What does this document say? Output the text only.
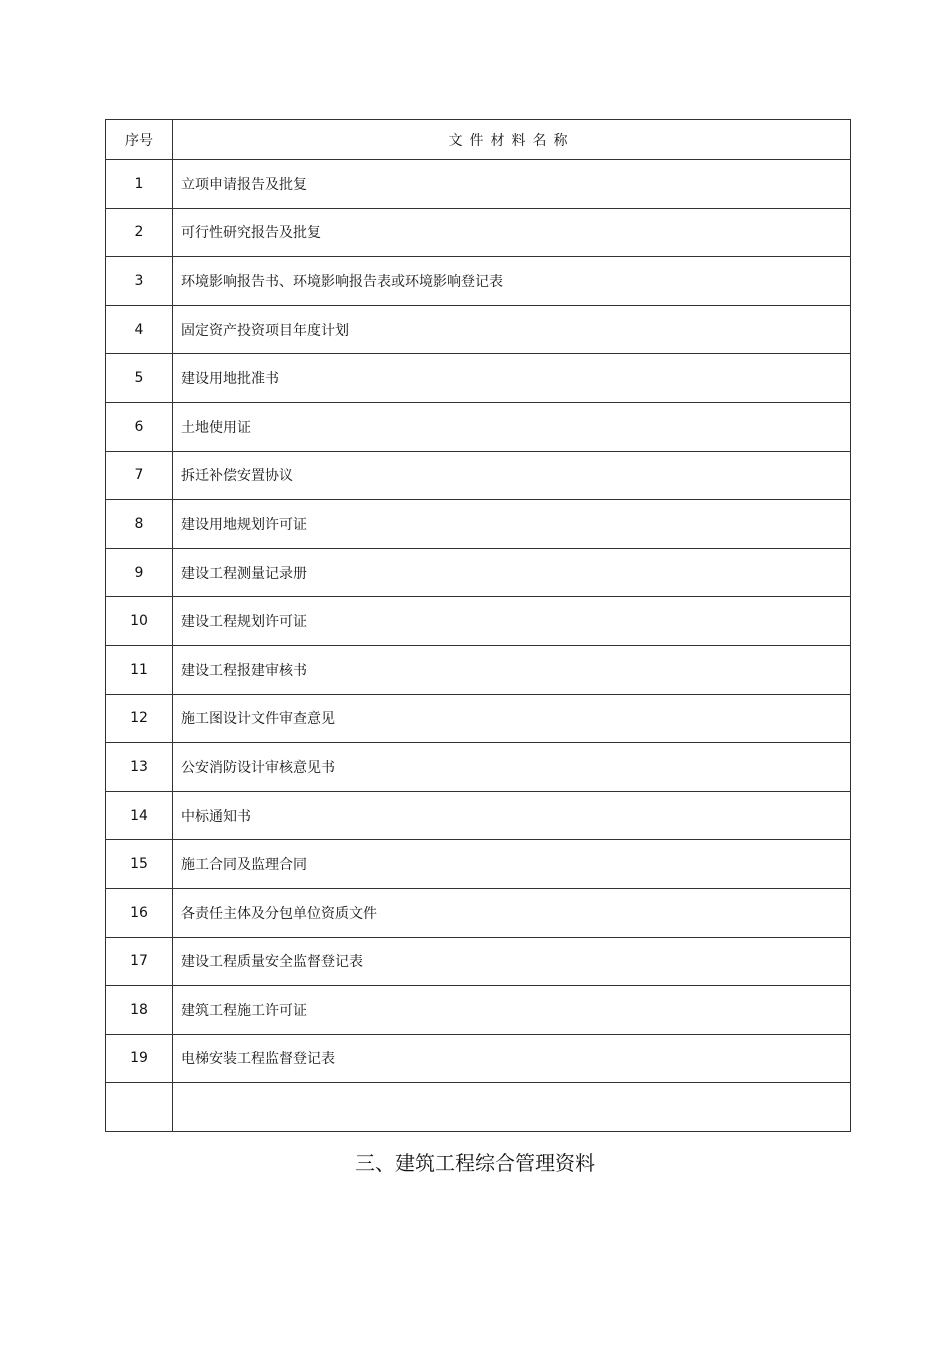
序号	文件材料名称
1	立项申请报告及批复
2	可行性研究报告及批复
3	环境影响报告书、环境影响报告表或环境影响登记表
4	固定资产投资项目年度计划
5	建设用地批准书
6	土地使用证
7	拆迁补偿安置协议
8	建设用地规划许可证
9	建设工程测量记录册
10	建设工程规划许可证
11	建设工程报建审核书
12	施工图设计文件审查意见
13	公安消防设计审核意见书
14	中标通知书
15	施工合同及监理合同
16	各责任主体及分包单位资质文件
17	建设工程质量安全监督登记表
18	建筑工程施工许可证
19	电梯安装工程监督登记表

三、建筑工程综合管理资料
